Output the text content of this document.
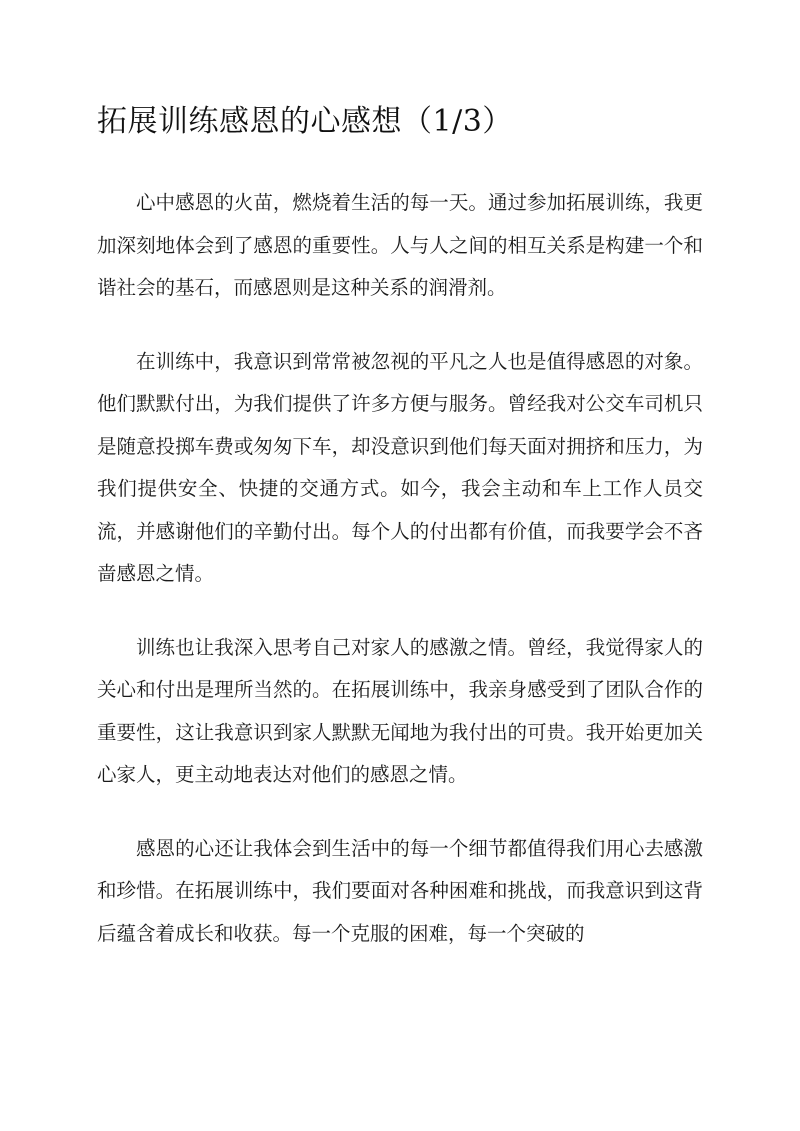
拓展训练感恩的心感想（1/3）

心中感恩的火苗，燃烧着生活的每一天。通过参加拓展训练，我更加深刻地体会到了感恩的重要性。人与人之间的相互关系是构建一个和谐社会的基石，而感恩则是这种关系的润滑剂。

在训练中，我意识到常常被忽视的平凡之人也是值得感恩的对象。他们默默付出，为我们提供了许多方便与服务。曾经我对公交车司机只是随意投掷车费或匆匆下车，却没意识到他们每天面对拥挤和压力，为我们提供安全、快捷的交通方式。如今，我会主动和车上工作人员交流，并感谢他们的辛勤付出。每个人的付出都有价值，而我要学会不吝啬感恩之情。

训练也让我深入思考自己对家人的感激之情。曾经，我觉得家人的关心和付出是理所当然的。在拓展训练中，我亲身感受到了团队合作的重要性，这让我意识到家人默默无闻地为我付出的可贵。我开始更加关心家人，更主动地表达对他们的感恩之情。

感恩的心还让我体会到生活中的每一个细节都值得我们用心去感激和珍惜。在拓展训练中，我们要面对各种困难和挑战，而我意识到这背后蕴含着成长和收获。每一个克服的困难，每一个突破的
